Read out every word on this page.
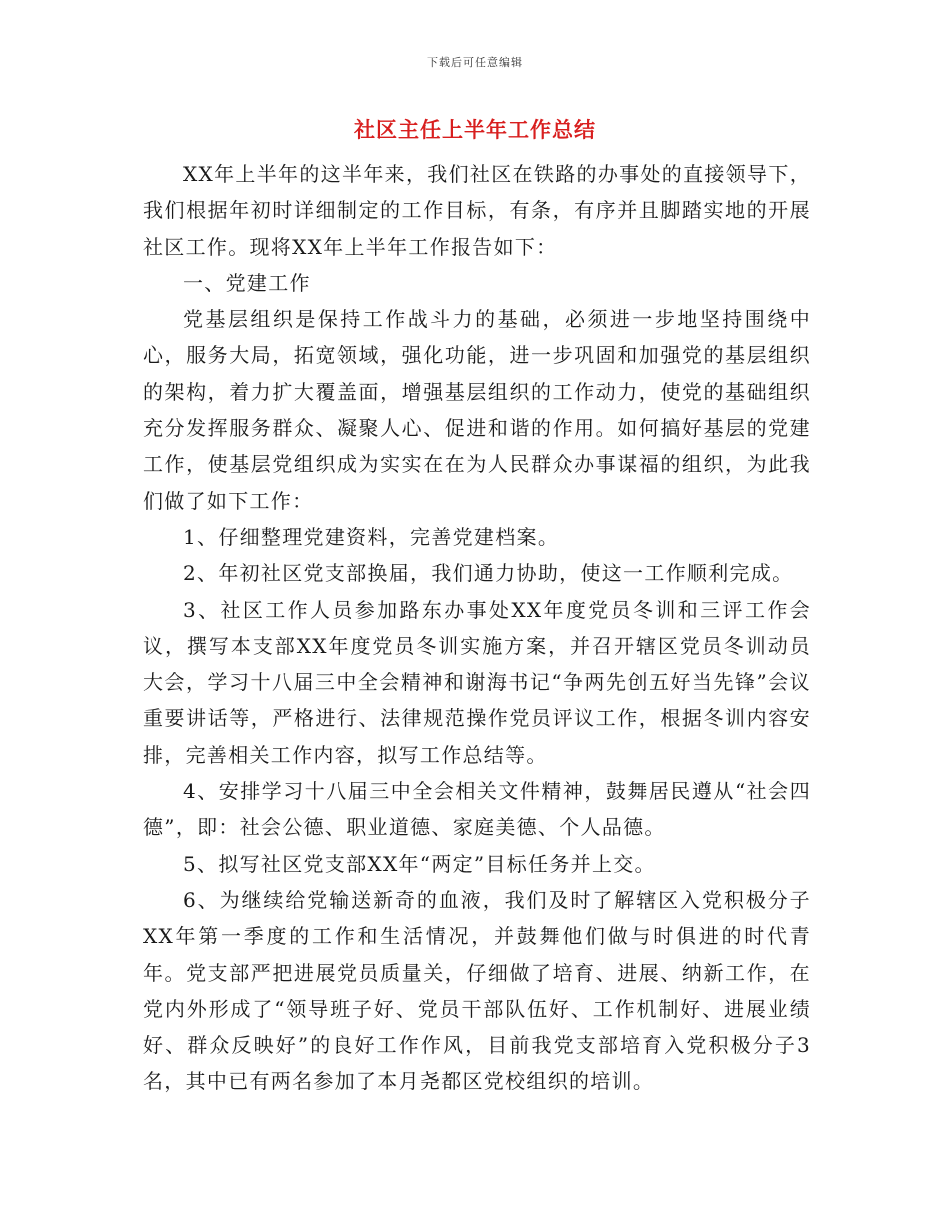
下载后可任意编辑
社区主任上半年工作总结

XX年上半年的这半年来，我们社区在铁路的办事处的直接领导下，我们根据年初时详细制定的工作目标，有条，有序并且脚踏实地的开展社区工作。现将XX年上半年工作报告如下：

一、党建工作

党基层组织是保持工作战斗力的基础，必须进一步地坚持围绕中心，服务大局，拓宽领域，强化功能，进一步巩固和加强党的基层组织的架构，着力扩大覆盖面，增强基层组织的工作动力，使党的基础组织充分发挥服务群众、凝聚人心、促进和谐的作用。如何搞好基层的党建工作，使基层党组织成为实实在在为人民群众办事谋福的组织，为此我们做了如下工作：

1、仔细整理党建资料，完善党建档案。

2、年初社区党支部换届，我们通力协助，使这一工作顺利完成。

3、社区工作人员参加路东办事处XX年度党员冬训和三评工作会议，撰写本支部XX年度党员冬训实施方案，并召开辖区党员冬训动员大会，学习十八届三中全会精神和谢海书记“争两先创五好当先锋”会议重要讲话等，严格进行、法律规范操作党员评议工作，根据冬训内容安排，完善相关工作内容，拟写工作总结等。

4、安排学习十八届三中全会相关文件精神，鼓舞居民遵从“社会四德”，即：社会公德、职业道德、家庭美德、个人品德。

5、拟写社区党支部XX年“两定”目标任务并上交。

6、为继续给党输送新奇的血液，我们及时了解辖区入党积极分子XX年第一季度的工作和生活情况，并鼓舞他们做与时俱进的时代青年。党支部严把进展党员质量关，仔细做了培育、进展、纳新工作，在党内外形成了“领导班子好、党员干部队伍好、工作机制好、进展业绩好、群众反映好”的良好工作作风，目前我党支部培育入党积极分子3名，其中已有两名参加了本月尧都区党校组织的培训。
